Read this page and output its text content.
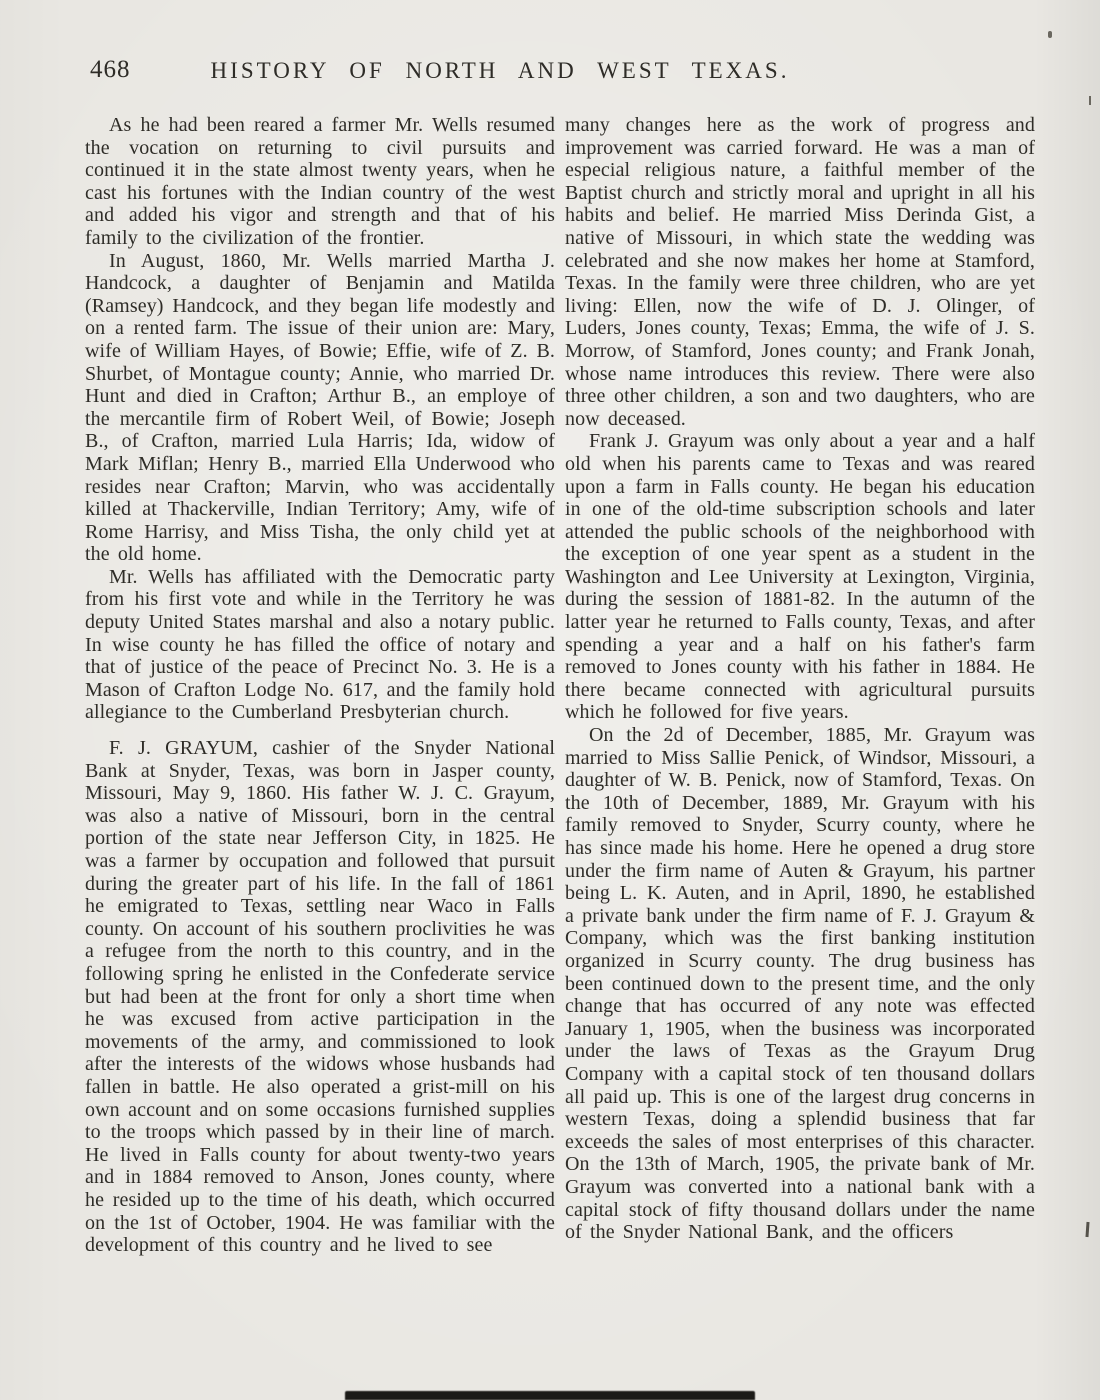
468	HISTORY OF NORTH AND WEST TEXAS.

As he had been reared a farmer Mr. Wells resumed the vocation on returning to civil pursuits and continued it in the state almost twenty years, when he cast his fortunes with the Indian country of the west and added his vigor and strength and that of his family to the civilization of the frontier.

In August, 1860, Mr. Wells married Martha J. Handcock, a daughter of Benjamin and Matilda (Ramsey) Handcock, and they began life modestly and on a rented farm. The issue of their union are: Mary, wife of William Hayes, of Bowie; Effie, wife of Z. B. Shurbet, of Montague county; Annie, who married Dr. Hunt and died in Crafton; Arthur B., an employe of the mercantile firm of Robert Weil, of Bowie; Joseph B., of Crafton, married Lula Harris; Ida, widow of Mark Miflan; Henry B., married Ella Underwood who resides near Crafton; Marvin, who was accidentally killed at Thackerville, Indian Territory; Amy, wife of Rome Harrisy, and Miss Tisha, the only child yet at the old home.

Mr. Wells has affiliated with the Democratic party from his first vote and while in the Territory he was deputy United States marshal and also a notary public. In wise county he has filled the office of notary and that of justice of the peace of Precinct No. 3. He is a Mason of Crafton Lodge No. 617, and the family hold allegiance to the Cumberland Presbyterian church.

F. J. GRAYUM, cashier of the Snyder National Bank at Snyder, Texas, was born in Jasper county, Missouri, May 9, 1860. His father W. J. C. Grayum, was also a native of Missouri, born in the central portion of the state near Jefferson City, in 1825. He was a farmer by occupation and followed that pursuit during the greater part of his life. In the fall of 1861 he emigrated to Texas, settling near Waco in Falls county. On account of his southern proclivities he was a refugee from the north to this country, and in the following spring he enlisted in the Confederate service but had been at the front for only a short time when he was excused from active participation in the movements of the army, and commissioned to look after the interests of the widows whose husbands had fallen in battle. He also operated a grist-mill on his own account and on some occasions furnished supplies to the troops which passed by in their line of march. He lived in Falls county for about twenty-two years and in 1884 removed to Anson, Jones county, where he resided up to the time of his death, which occurred on the 1st of October, 1904. He was familiar with the development of this country and he lived to see

many changes here as the work of progress and improvement was carried forward. He was a man of especial religious nature, a faithful member of the Baptist church and strictly moral and upright in all his habits and belief. He married Miss Derinda Gist, a native of Missouri, in which state the wedding was celebrated and she now makes her home at Stamford, Texas. In the family were three children, who are yet living: Ellen, now the wife of D. J. Olinger, of Luders, Jones county, Texas; Emma, the wife of J. S. Morrow, of Stamford, Jones county; and Frank Jonah, whose name introduces this review. There were also three other children, a son and two daughters, who are now deceased.

Frank J. Grayum was only about a year and a half old when his parents came to Texas and was reared upon a farm in Falls county. He began his education in one of the old-time subscription schools and later attended the public schools of the neighborhood with the exception of one year spent as a student in the Washington and Lee University at Lexington, Virginia, during the session of 1881-82. In the autumn of the latter year he returned to Falls county, Texas, and after spending a year and a half on his father's farm removed to Jones county with his father in 1884. He there became connected with agricultural pursuits which he followed for five years.

On the 2d of December, 1885, Mr. Grayum was married to Miss Sallie Penick, of Windsor, Missouri, a daughter of W. B. Penick, now of Stamford, Texas. On the 10th of December, 1889, Mr. Grayum with his family removed to Snyder, Scurry county, where he has since made his home. Here he opened a drug store under the firm name of Auten & Grayum, his partner being L. K. Auten, and in April, 1890, he established a private bank under the firm name of F. J. Grayum & Company, which was the first banking institution organized in Scurry county. The drug business has been continued down to the present time, and the only change that has occurred of any note was effected January 1, 1905, when the business was incorporated under the laws of Texas as the Grayum Drug Company with a capital stock of ten thousand dollars all paid up. This is one of the largest drug concerns in western Texas, doing a splendid business that far exceeds the sales of most enterprises of this character. On the 13th of March, 1905, the private bank of Mr. Grayum was converted into a national bank with a capital stock of fifty thousand dollars under the name of the Snyder National Bank, and the officers
